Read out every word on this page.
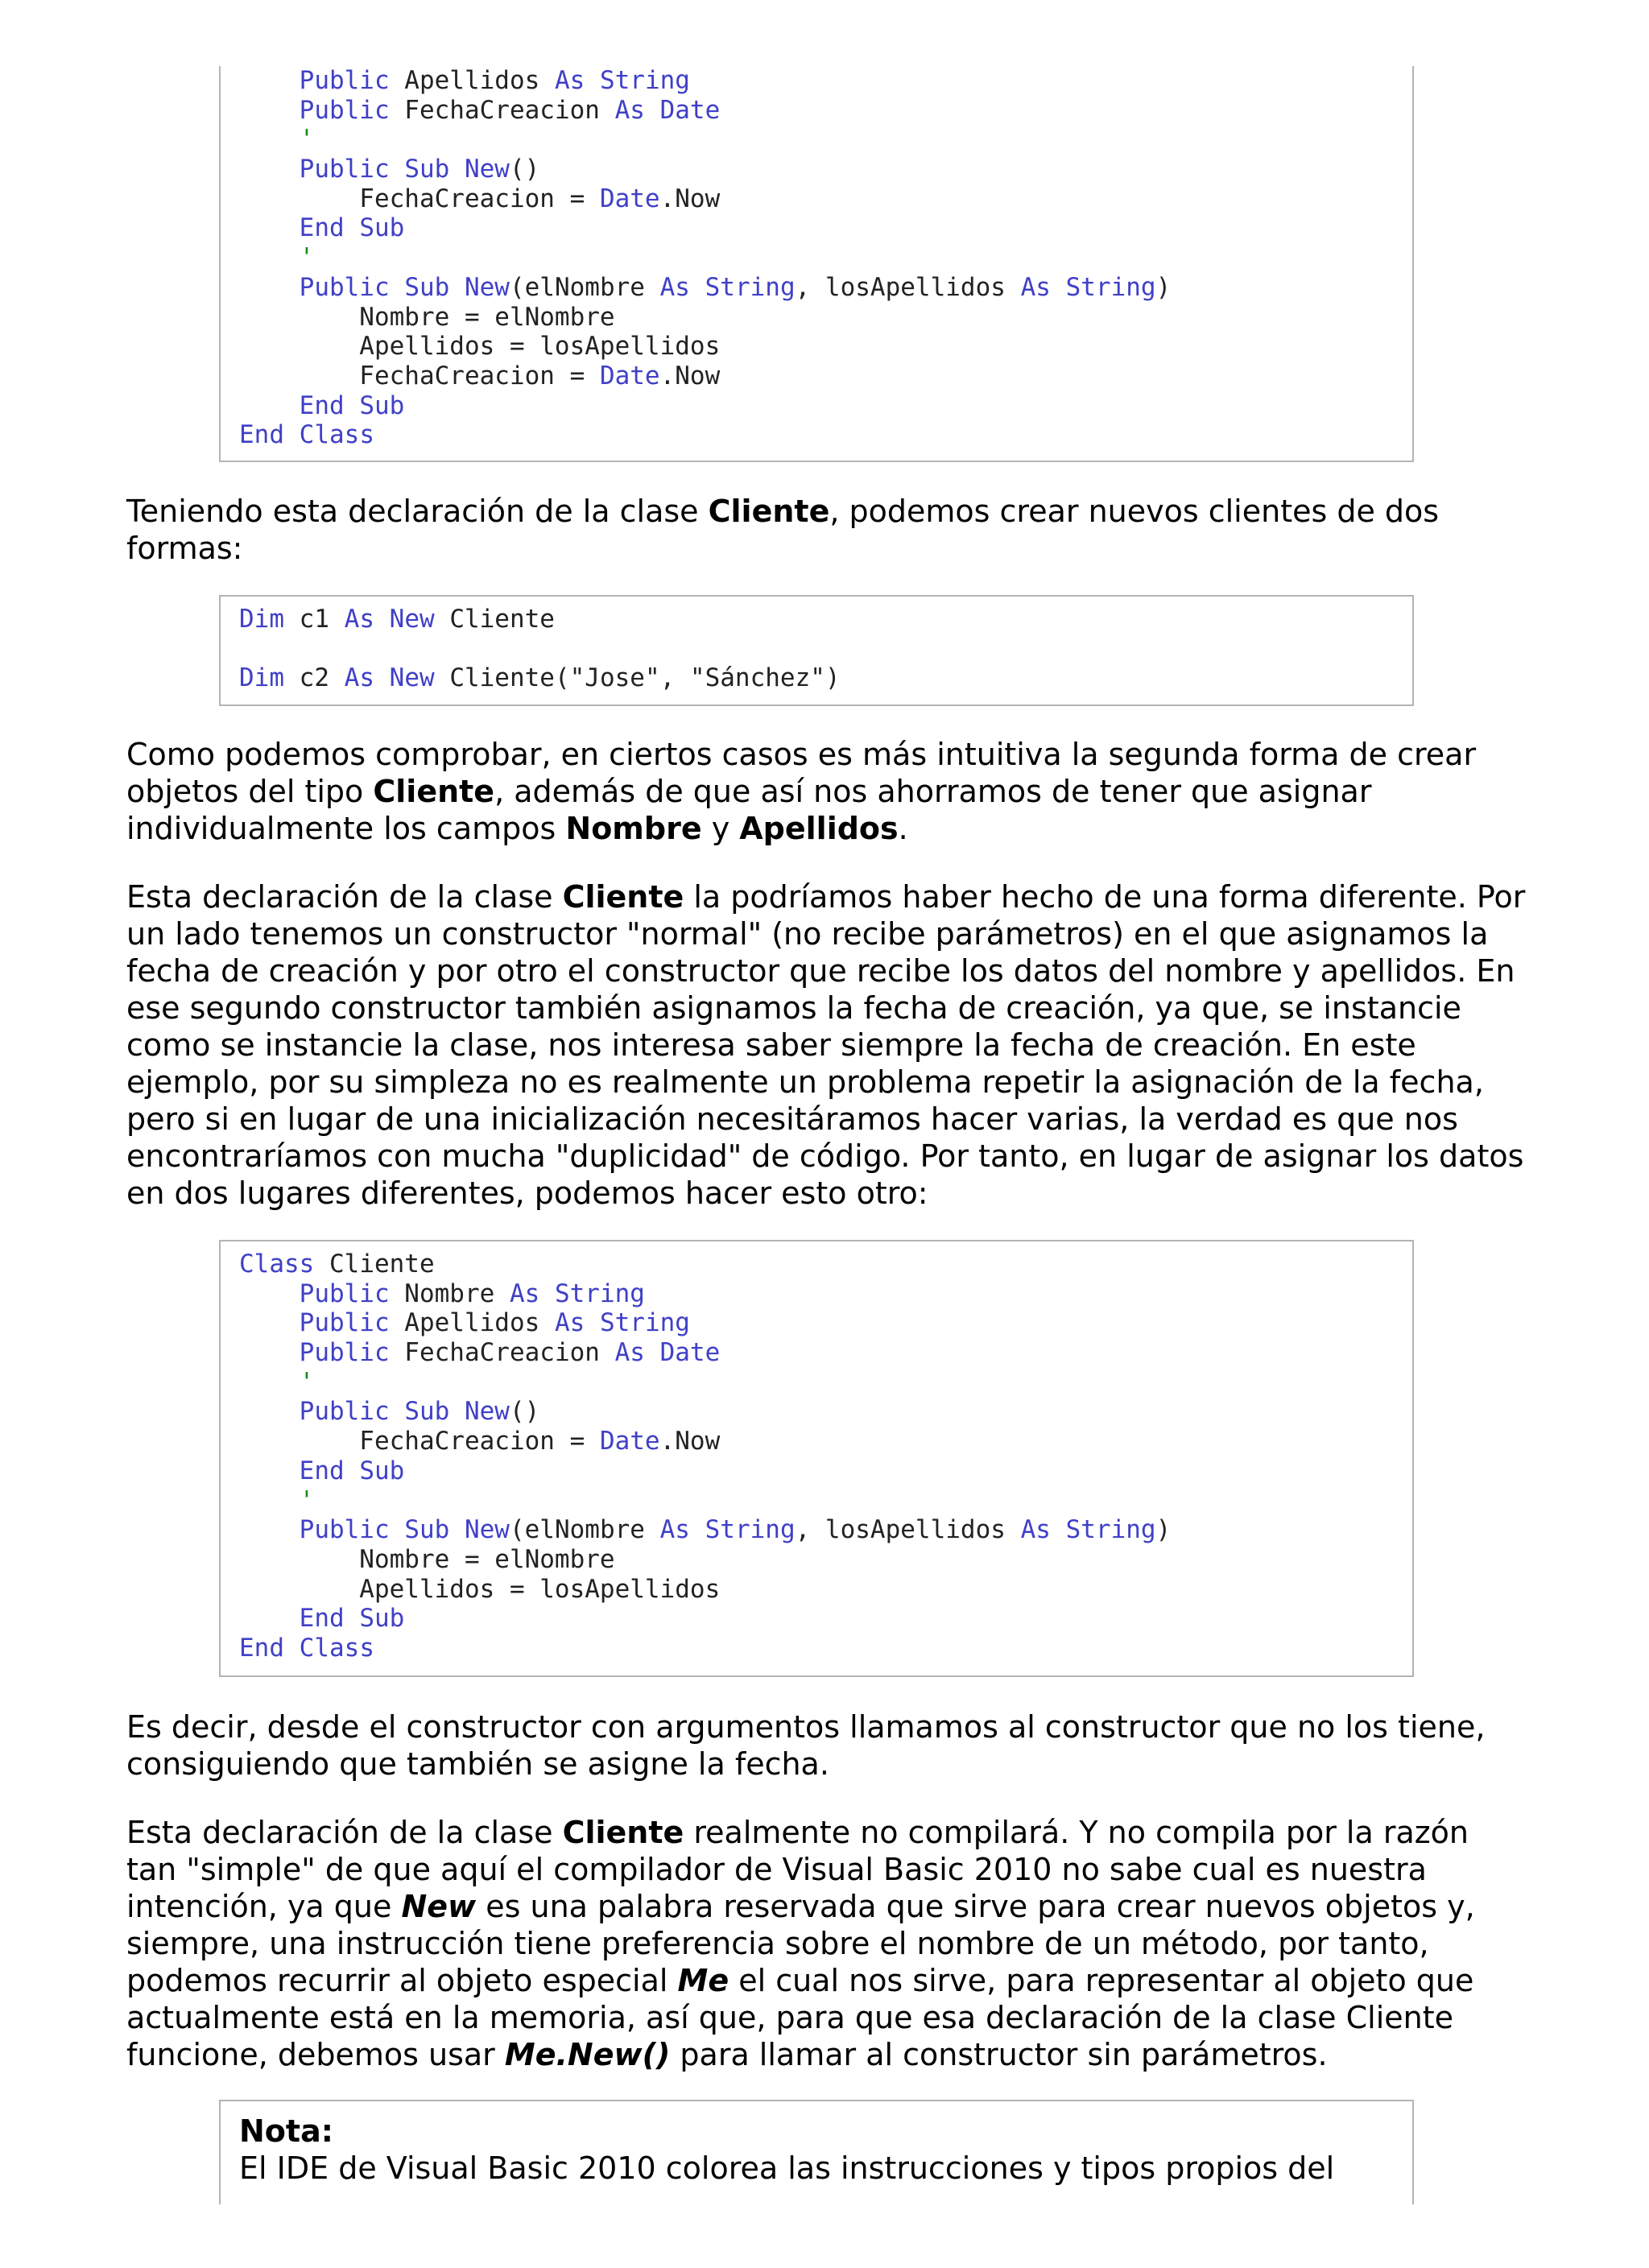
Public Apellidos As String
Public FechaCreacion As Date
'
Public Sub New()
FechaCreacion = Date.Now
End Sub
'
Public Sub New(elNombre As String, losApellidos As String)
Nombre = elNombre
Apellidos = losApellidos
FechaCreacion = Date.Now
End Sub
End Class

Teniendo esta declaración de la clase Cliente, podemos crear nuevos clientes de dos formas:

Dim c1 As New Cliente
Dim c2 As New Cliente("Jose", "Sánchez")

Como podemos comprobar, en ciertos casos es más intuitiva la segunda forma de crear objetos del tipo Cliente, además de que así nos ahorramos de tener que asignar individualmente los campos Nombre y Apellidos.

Esta declaración de la clase Cliente la podríamos haber hecho de una forma diferente. Por un lado tenemos un constructor "normal" (no recibe parámetros) en el que asignamos la fecha de creación y por otro el constructor que recibe los datos del nombre y apellidos. En ese segundo constructor también asignamos la fecha de creación, ya que, se instancie como se instancie la clase, nos interesa saber siempre la fecha de creación. En este ejemplo, por su simpleza no es realmente un problema repetir la asignación de la fecha, pero si en lugar de una inicialización necesitáramos hacer varias, la verdad es que nos encontraríamos con mucha "duplicidad" de código. Por tanto, en lugar de asignar los datos en dos lugares diferentes, podemos hacer esto otro:

Class Cliente
Public Nombre As String
Public Apellidos As String
Public FechaCreacion As Date
'
Public Sub New()
FechaCreacion = Date.Now
End Sub
'
Public Sub New(elNombre As String, losApellidos As String)
Nombre = elNombre
Apellidos = losApellidos
End Sub
End Class

Es decir, desde el constructor con argumentos llamamos al constructor que no los tiene, consiguiendo que también se asigne la fecha.

Esta declaración de la clase Cliente realmente no compilará. Y no compila por la razón tan "simple" de que aquí el compilador de Visual Basic 2010 no sabe cual es nuestra intención, ya que New es una palabra reservada que sirve para crear nuevos objetos y, siempre, una instrucción tiene preferencia sobre el nombre de un método, por tanto, podemos recurrir al objeto especial Me el cual nos sirve, para representar al objeto que actualmente está en la memoria, así que, para que esa declaración de la clase Cliente funcione, debemos usar Me.New() para llamar al constructor sin parámetros.

Nota:
El IDE de Visual Basic 2010 colorea las instrucciones y tipos propios del
